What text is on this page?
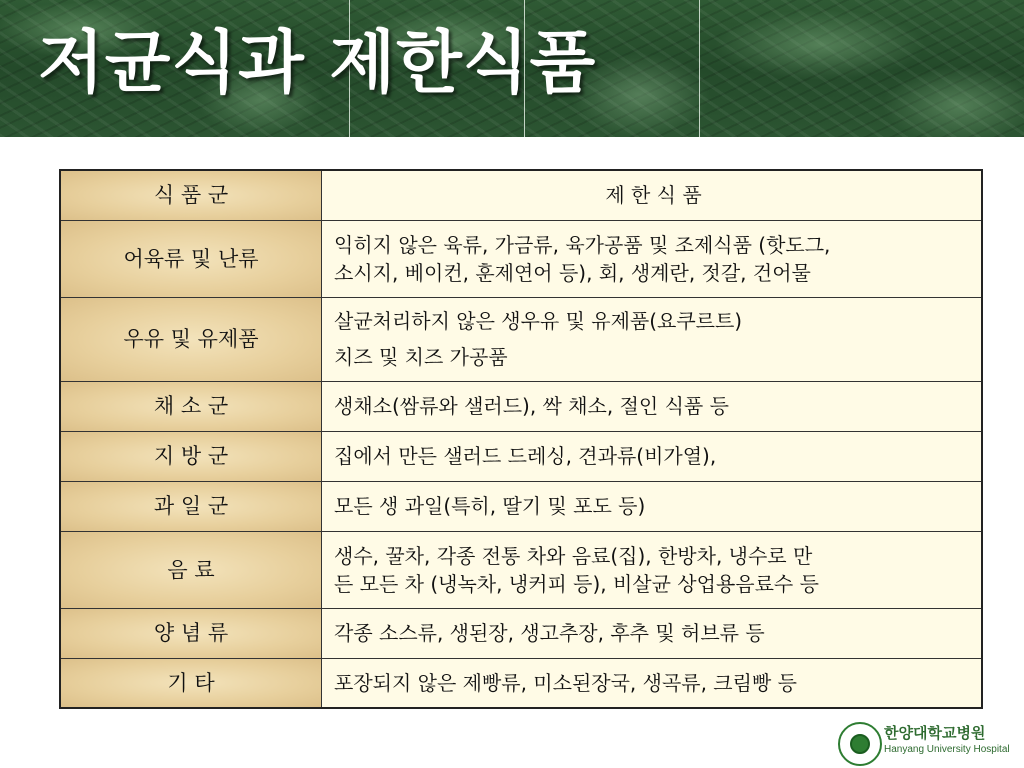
저균식과 제한식품
식 품 군	제 한 식 품
어육류 및 난류	익히지 않은 육류, 가금류, 육가공품 및 조제식품 (핫도그,
소시지, 베이컨, 훈제연어 등), 회, 생계란, 젓갈, 건어물

우유 및 유제품	살균처리하지 않은 생우유 및 유제품(요쿠르트)
치즈 및 치즈 가공품

채 소 군	생채소(쌈류와 샐러드), 싹 채소, 절인 식품 등

지 방 군	집에서 만든 샐러드 드레싱, 견과류(비가열),

과 일 군	모든 생 과일(특히, 딸기 및 포도 등)

음 료	생수, 꿀차, 각종 전통 차와 음료(집), 한방차, 냉수로 만
든 모든 차 (냉녹차, 냉커피 등), 비살균 상업용음료수 등

양 념 류	각종 소스류, 생된장, 생고추장, 후추 및 허브류 등

기 타	포장되지 않은 제빵류, 미소된장국, 생곡류, 크림빵 등
한양대학교병원
Hanyang University Hospital
